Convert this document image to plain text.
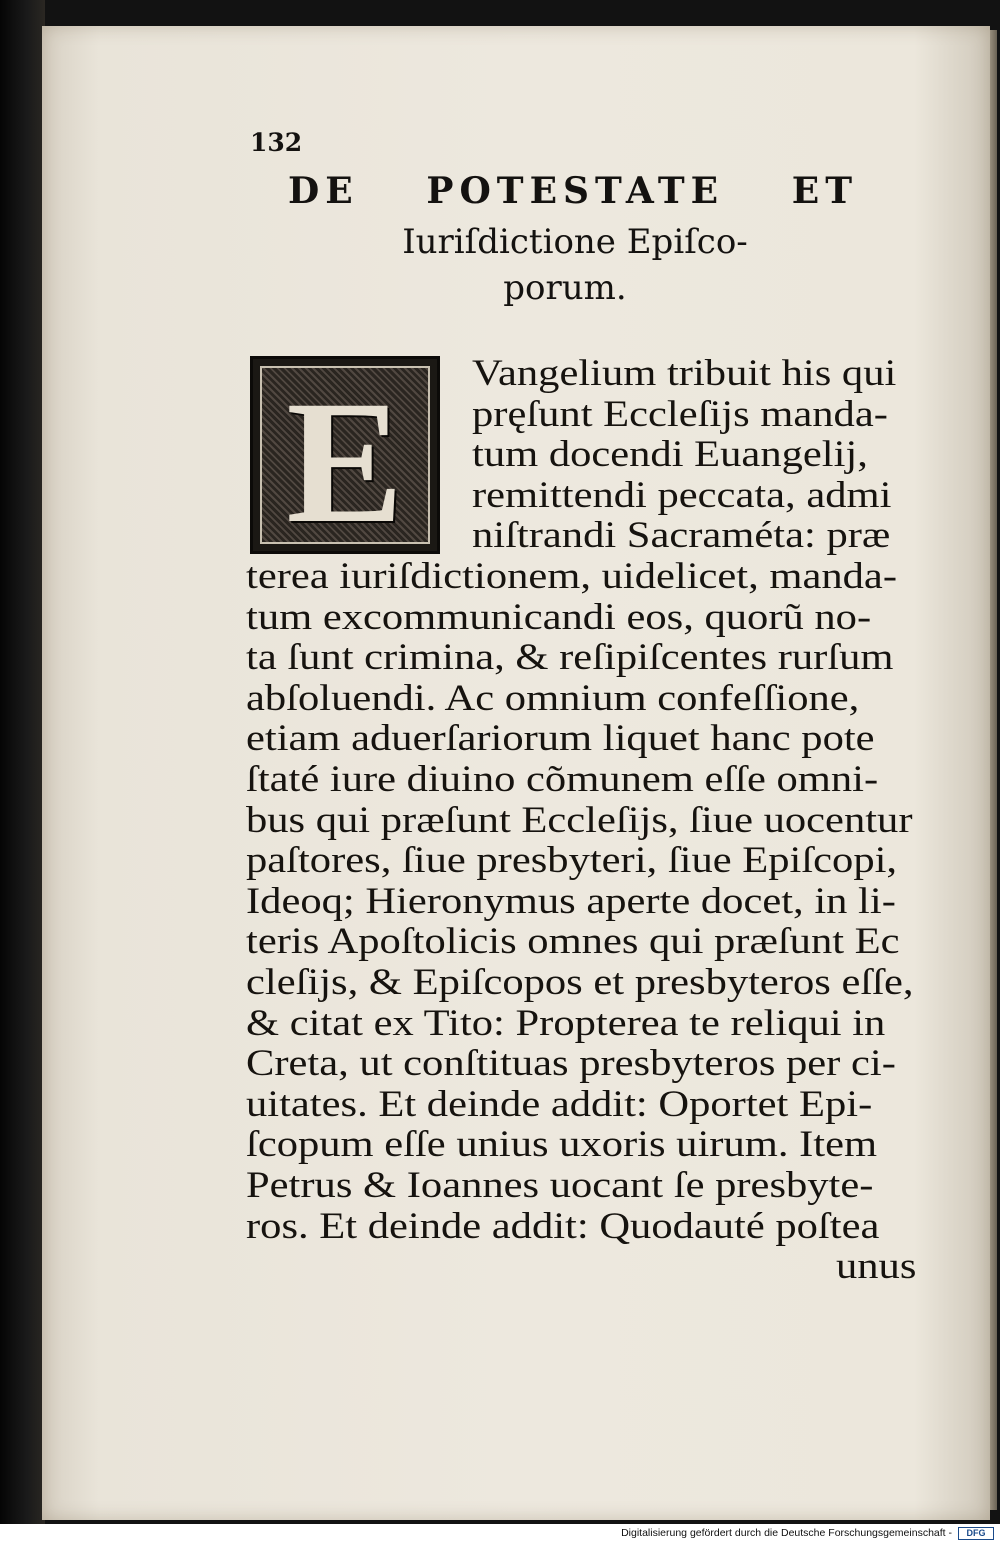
132
DE POTESTATE ET
Iuriſdictione Epiſco-
porum.
E	Vangelium tribuit his qui
pręſunt Eccleſijs manda-
tum docendi Euangelij,
remittendi peccata, admi
niſtrandi Sacraméta: præ
terea iuriſdictionem, uidelicet, manda-
tum excommunicandi eos, quorũ no-
ta ſunt crimina, & reſipiſcentes rurſum
abſoluendi. Ac omnium confeſſione,
etiam aduerſariorum liquet hanc pote
ſtaté iure diuino cõmunem eſſe omni-
bus qui præſunt Eccleſijs, ſiue uocentur
paſtores, ſiue presbyteri, ſiue Epiſcopi,
Ideoq; Hieronymus aperte docet, in li-
teris Apoſtolicis omnes qui præſunt Ec
cleſijs, & Epiſcopos et presbyteros eſſe,
& citat ex Tito: Propterea te reliqui in
Creta, ut conſtituas presbyteros per ci-
uitates. Et deinde addit: Oportet Epi-
ſcopum eſſe unius uxoris uirum. Item
Petrus & Ioannes uocant ſe presbyte-
ros. Et deinde addit: Quodauté poſtea
unus
Digitalisierung gefördert durch die Deutsche Forschungsgemeinschaft -	DFG
